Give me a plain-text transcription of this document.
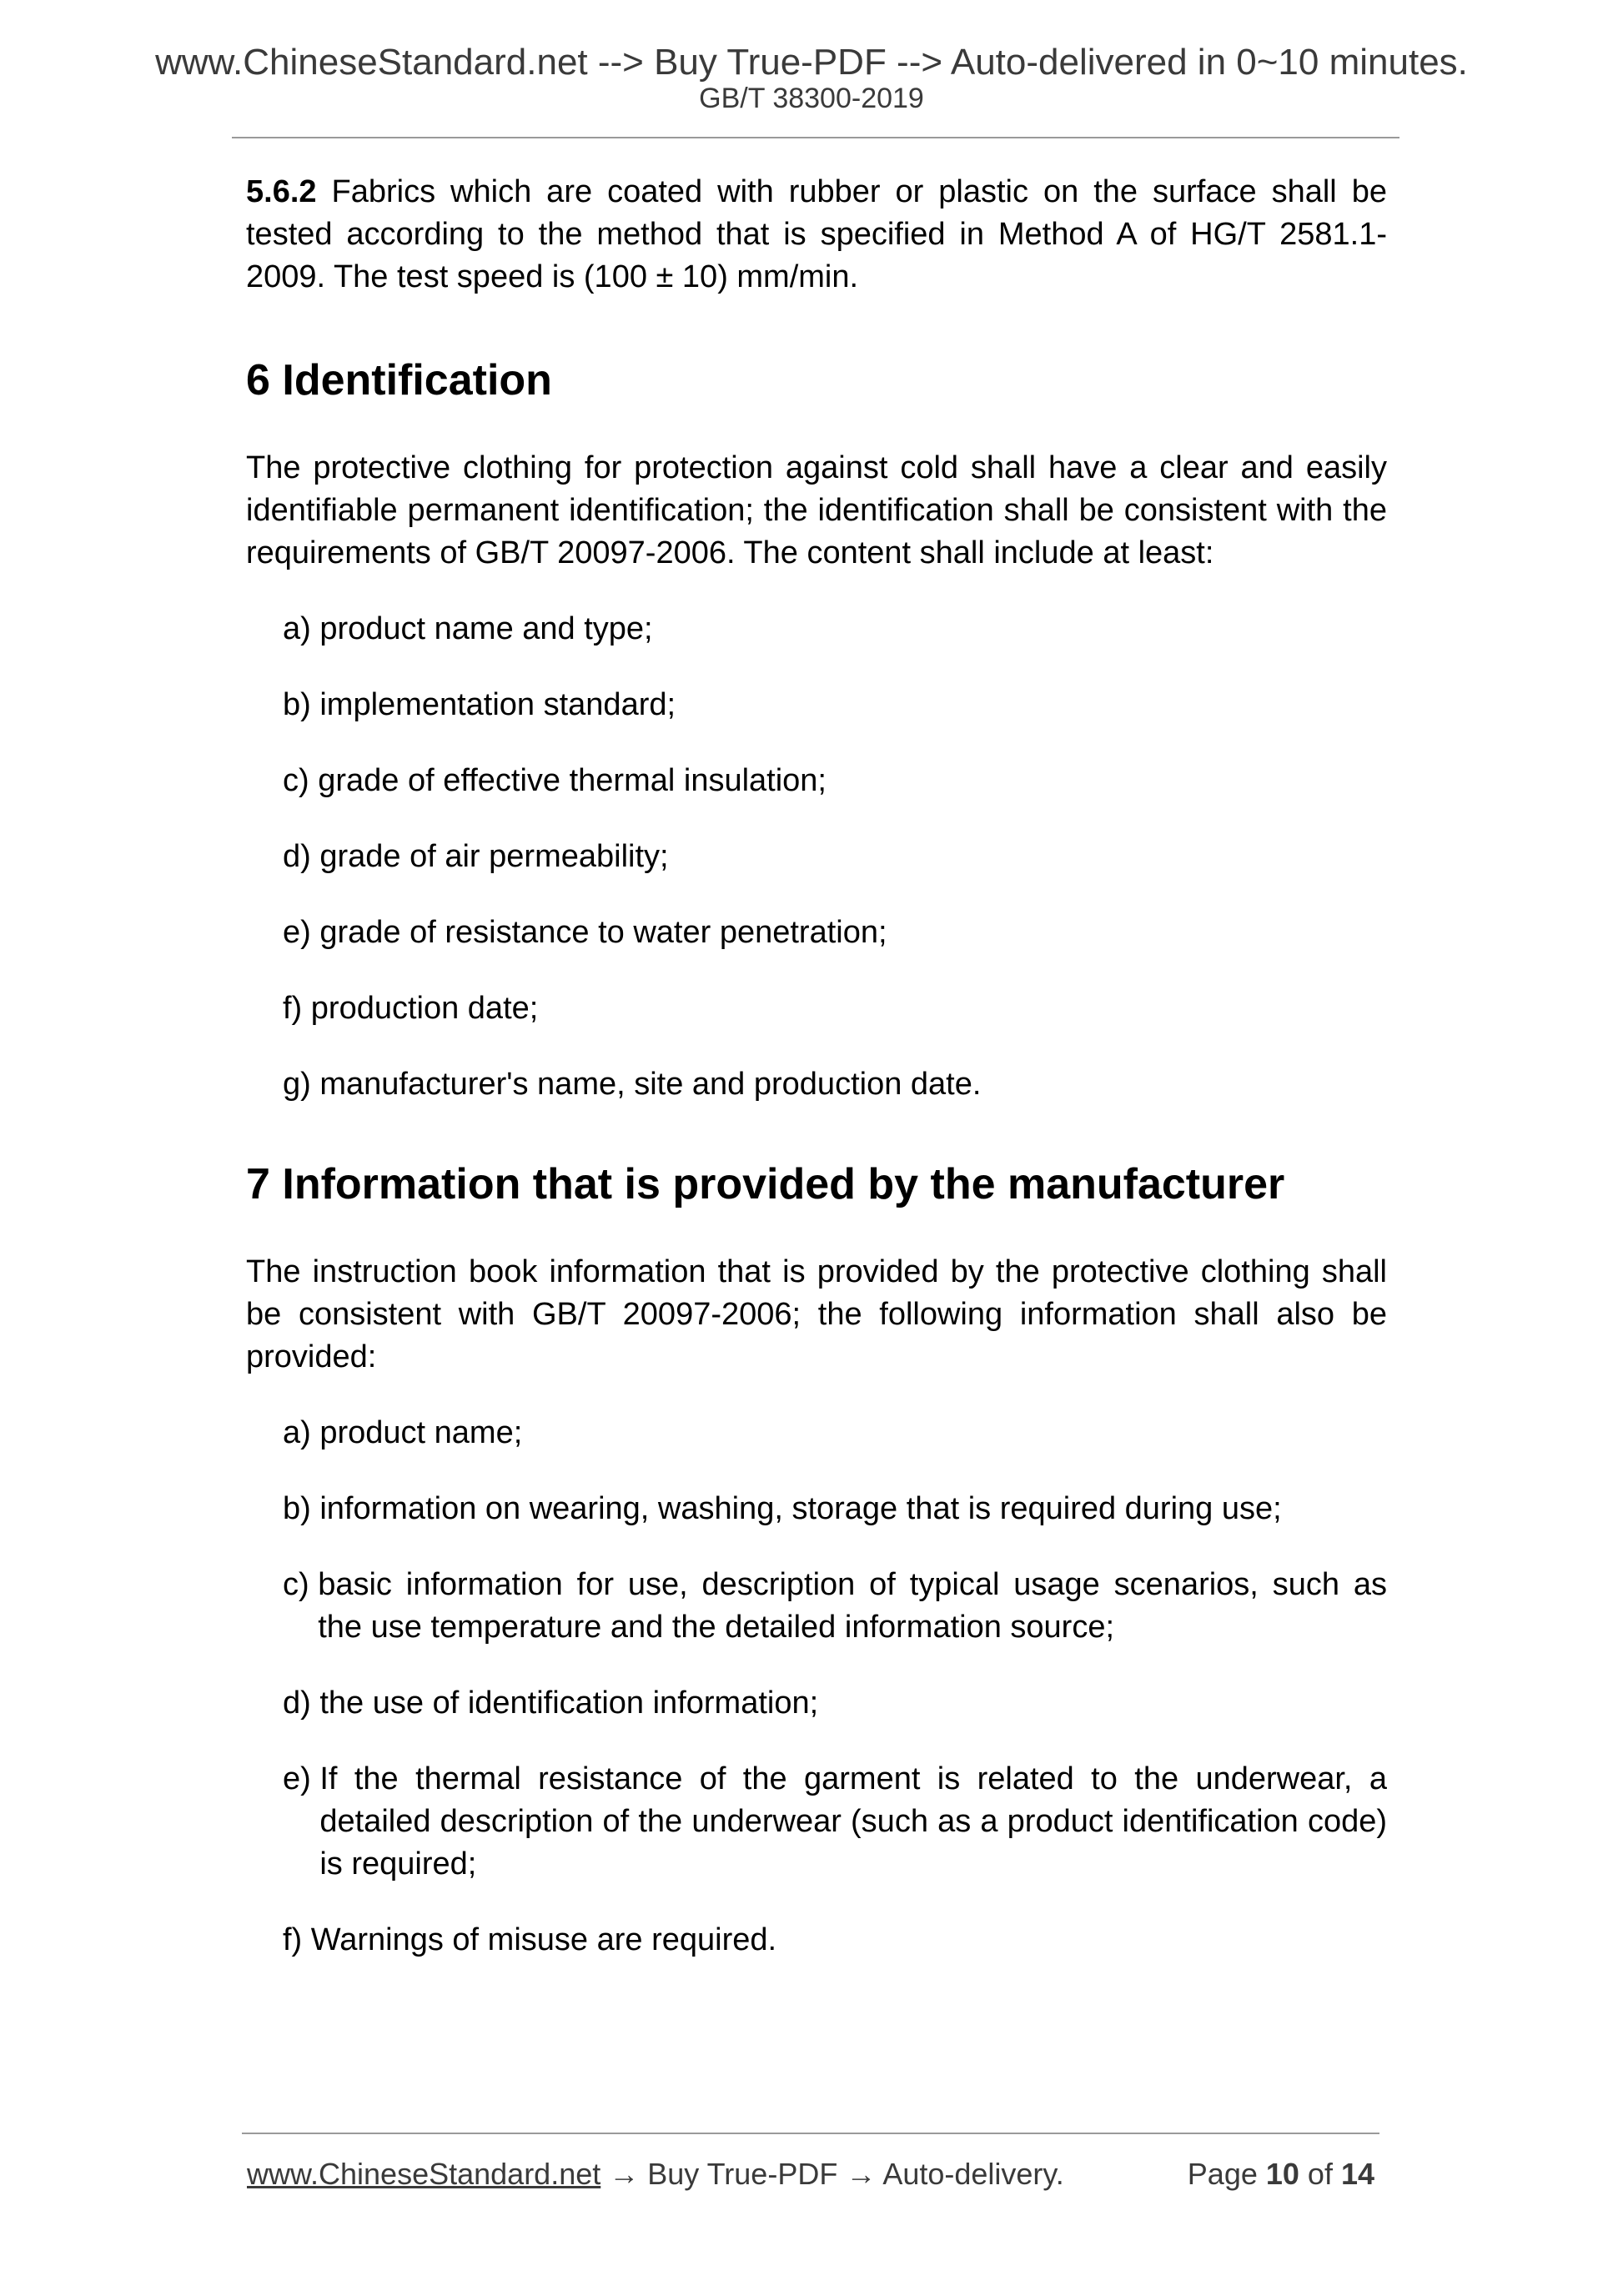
www.ChineseStandard.net --> Buy True-PDF --> Auto-delivered in 0~10 minutes.
GB/T 38300-2019

5.6.2 Fabrics which are coated with rubber or plastic on the surface shall be tested according to the method that is specified in Method A of HG/T 2581.1-2009. The test speed is (100 ± 10) mm/min.

6 Identification

The protective clothing for protection against cold shall have a clear and easily identifiable permanent identification; the identification shall be consistent with the requirements of GB/T 20097-2006. The content shall include at least:

a) product name and type;
b) implementation standard;
c) grade of effective thermal insulation;
d) grade of air permeability;
e) grade of resistance to water penetration;
f) production date;
g) manufacturer's name, site and production date.
7 Information that is provided by the manufacturer

The instruction book information that is provided by the protective clothing shall be consistent with GB/T 20097-2006; the following information shall also be provided:

a) product name;
b) information on wearing, washing, storage that is required during use;
c) basic information for use, description of typical usage scenarios, such as the use temperature and the detailed information source;
d) the use of identification information;
e) If the thermal resistance of the garment is related to the underwear, a detailed description of the underwear (such as a product identification code) is required;
f) Warnings of misuse are required.
www.ChineseStandard.net → Buy True-PDF → Auto-delivery.	Page 10 of 14
